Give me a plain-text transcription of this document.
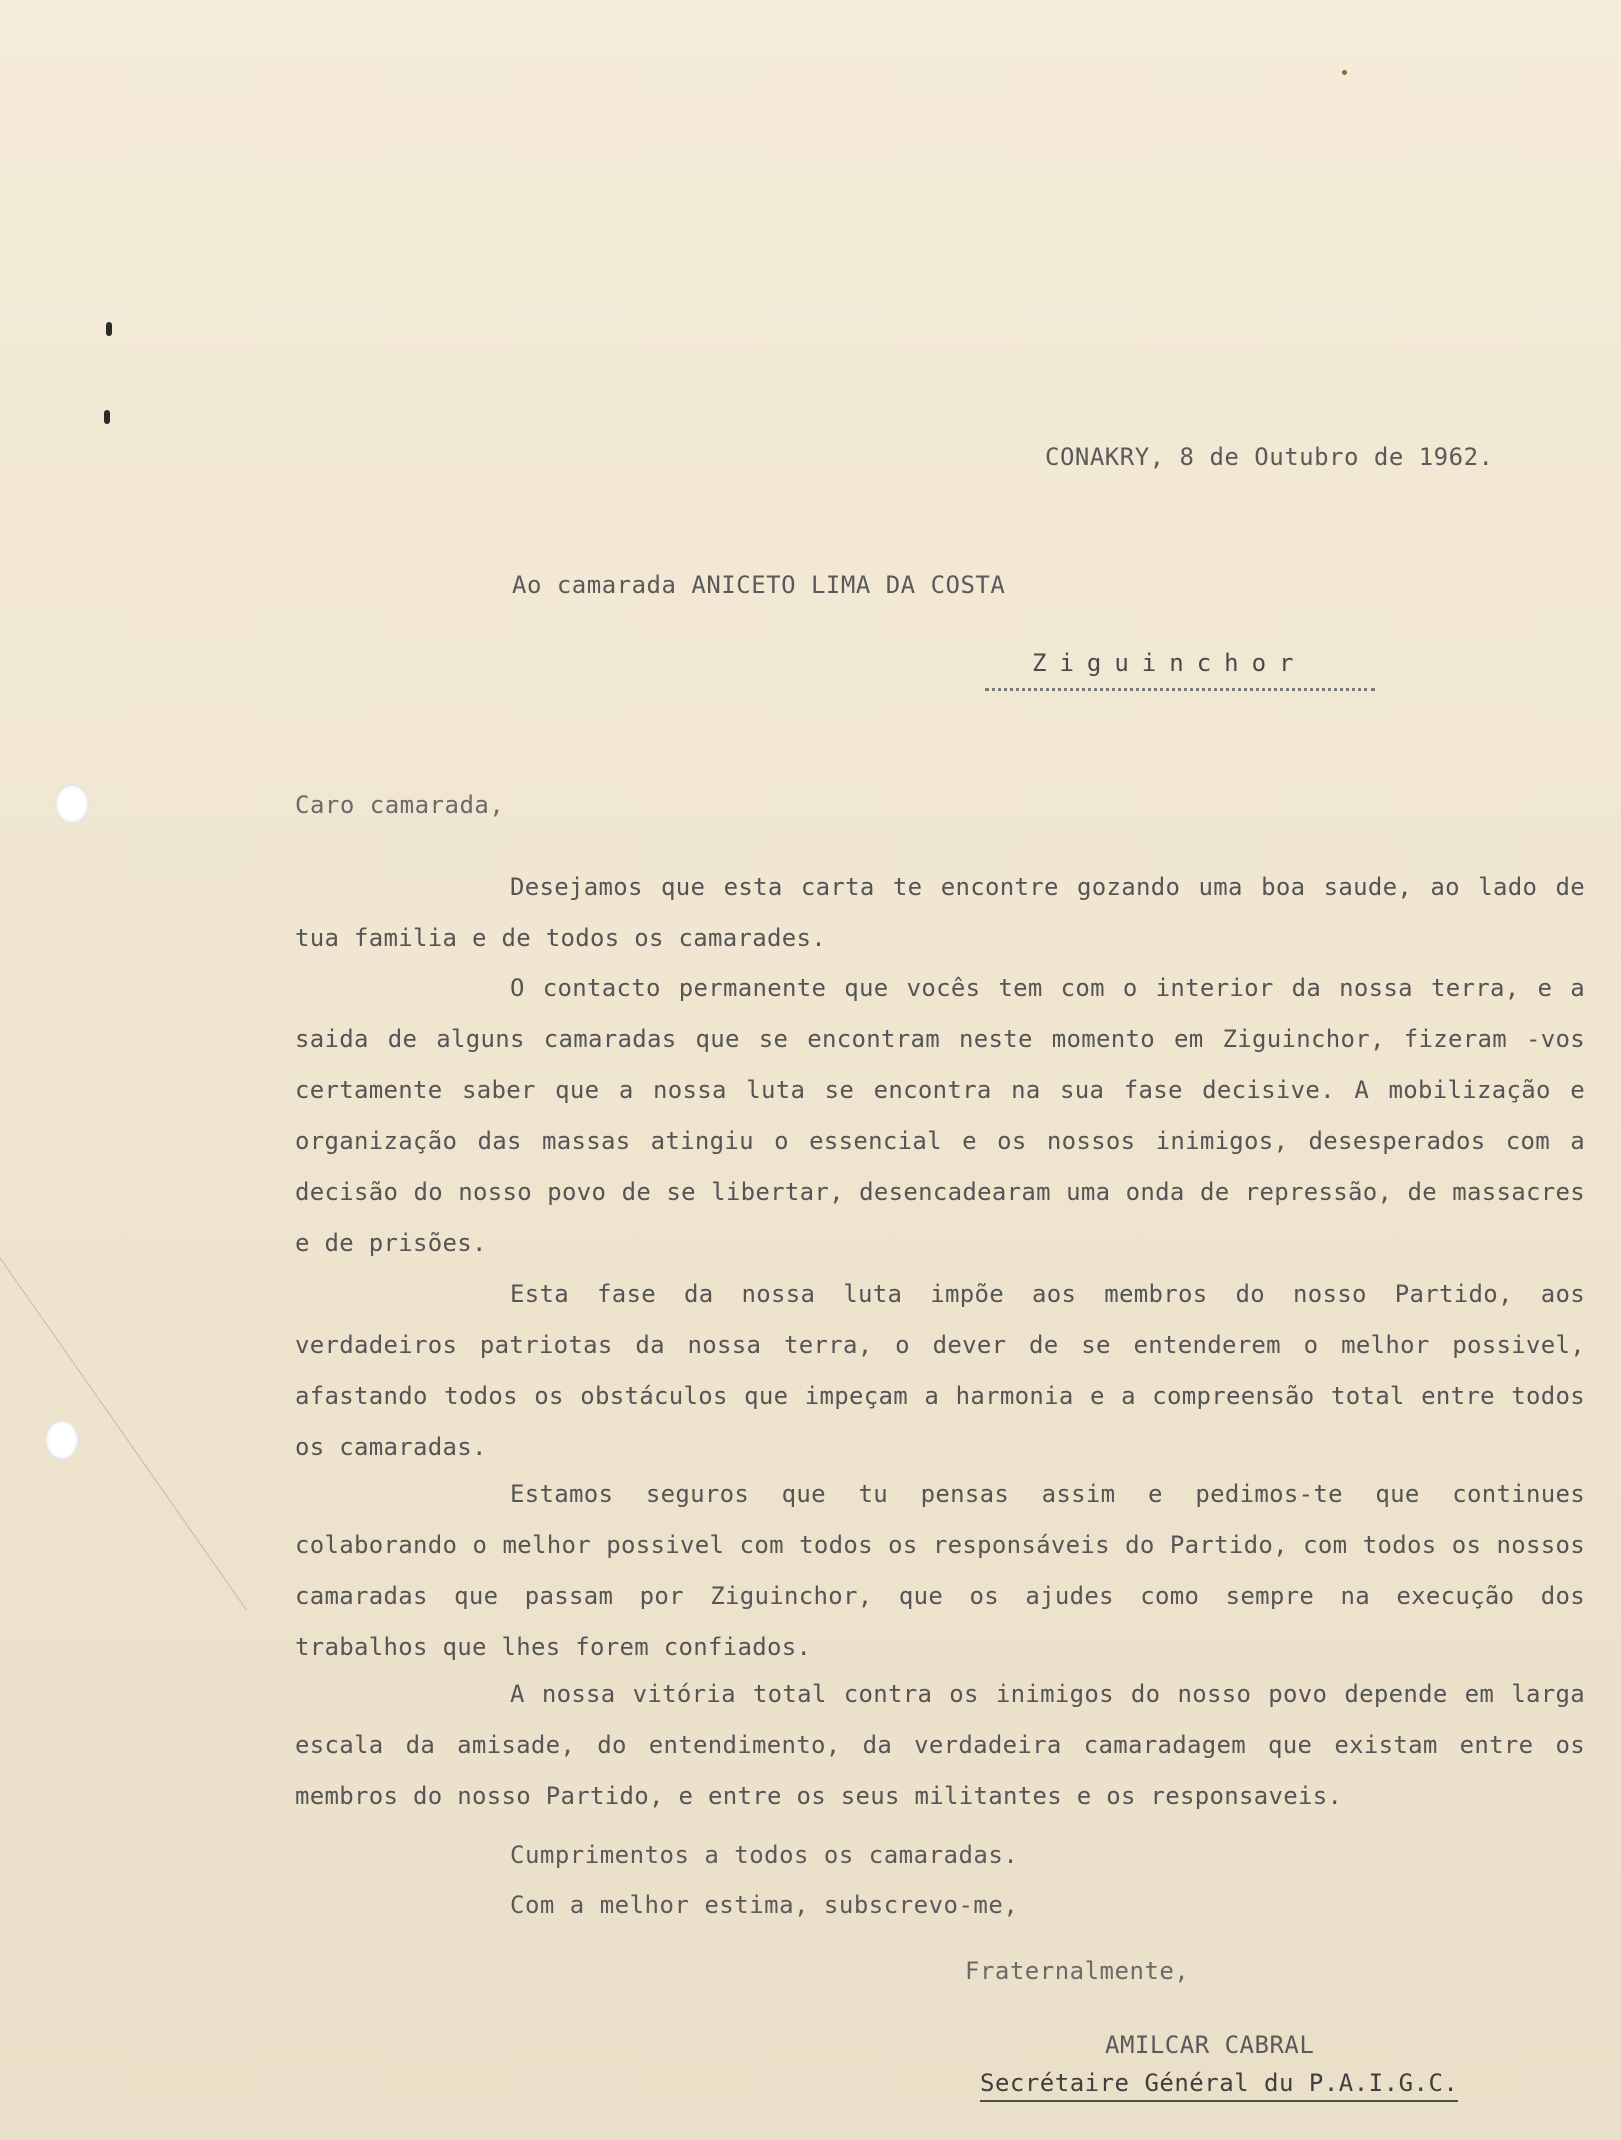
CONAKRY, 8 de Outubro de 1962.
Ao camarada ANICETO LIMA DA COSTA
Ziguinchor
Caro camarada,
Desejamos que esta carta te encontre gozando uma boa saude, ao lado de tua familia e de todos os camarades.
O contacto permanente que vocês tem com o interior da nossa terra, e a saida de alguns camaradas que se encontram neste momento em Ziguinchor, fizeram -vos certamente saber que a nossa luta se encontra na sua fase decisive. A mobilização e organização das massas atingiu o essencial e os nossos inimigos, desesperados com a decisão do nosso povo de se libertar, desencadearam uma onda de repressão, de massacres e de prisões.
Esta fase da nossa luta impõe aos membros do nosso Partido, aos verdadeiros patriotas da nossa terra, o dever de se entenderem o melhor possivel, afastando todos os obstáculos que impeçam a harmonia e a compreensão total entre todos os camaradas.
Estamos seguros que tu pensas assim e pedimos-te que continues colaborando o melhor possivel com todos os responsáveis do Partido, com todos os nossos camaradas que passam por Ziguinchor, que os ajudes como sempre na execução dos trabalhos que lhes forem confiados.
A nossa vitória total contra os inimigos do nosso povo depende em larga escala da amisade, do entendimento, da verdadeira camaradagem que existam entre os membros do nosso Partido, e entre os seus militantes e os responsaveis.
Cumprimentos a todos os camaradas.
Com a melhor estima, subscrevo-me,
Fraternalmente,
AMILCAR CABRAL
Secrétaire Général du P.A.I.G.C.
